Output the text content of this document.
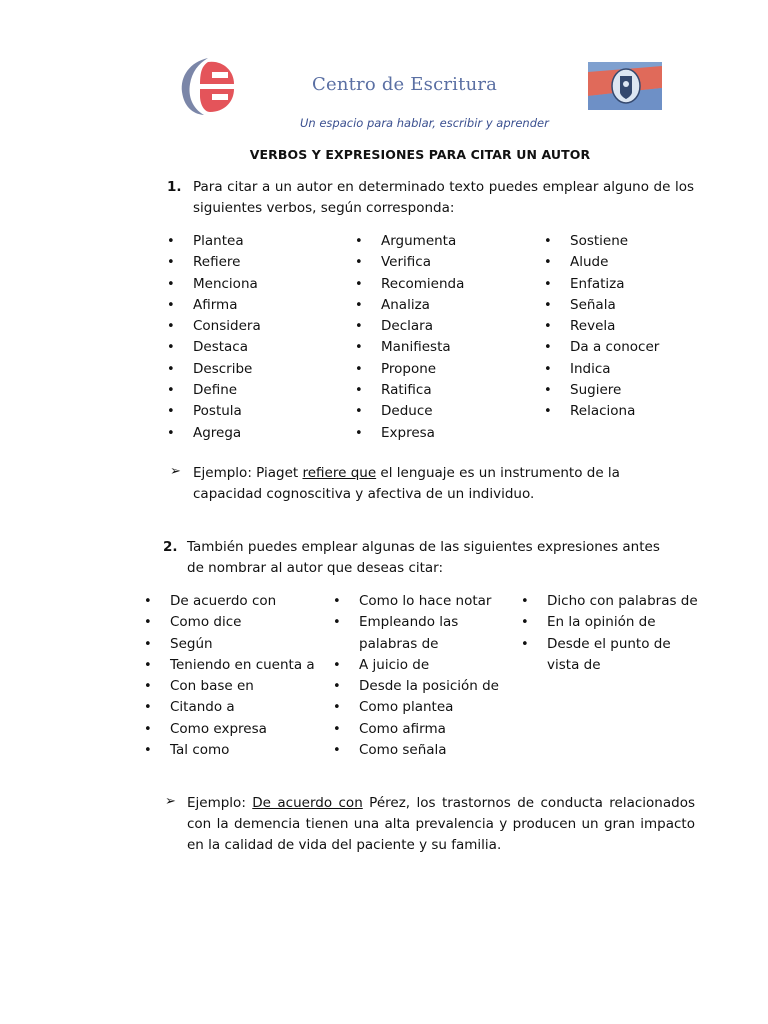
Centro de Escritura
Un espacio para hablar, escribir y aprender
VERBOS Y EXPRESIONES PARA CITAR UN AUTOR
1. Para citar a un autor en determinado texto puedes emplear alguno de los siguientes verbos, según corresponda:
• Plantea
• Refiere
• Menciona
• Afirma
• Considera
• Destaca
• Describe
• Define
• Postula
• Agrega
• Argumenta
• Verifica
• Recomienda
• Analiza
• Declara
• Manifiesta
• Propone
• Ratifica
• Deduce
• Expresa
• Sostiene
• Alude
• Enfatiza
• Señala
• Revela
• Da a conocer
• Indica
• Sugiere
• Relaciona
➢ Ejemplo: Piaget refiere que el lenguaje es un instrumento de la capacidad cognoscitiva y afectiva de un individuo.
2. También puedes emplear algunas de las siguientes expresiones antes de nombrar al autor que deseas citar:
• De acuerdo con
• Como dice
• Según
• Teniendo en cuenta a
• Con base en
• Citando a
• Como expresa
• Tal como
• Como lo hace notar
• Empleando las palabras de
• A juicio de
• Desde la posición de
• Como plantea
• Como afirma
• Como señala
• Dicho con palabras de
• En la opinión de
• Desde el punto de vista de
➢ Ejemplo: De acuerdo con Pérez, los trastornos de conducta relacionados con la demencia tienen una alta prevalencia y producen un gran impacto en la calidad de vida del paciente y su familia.
